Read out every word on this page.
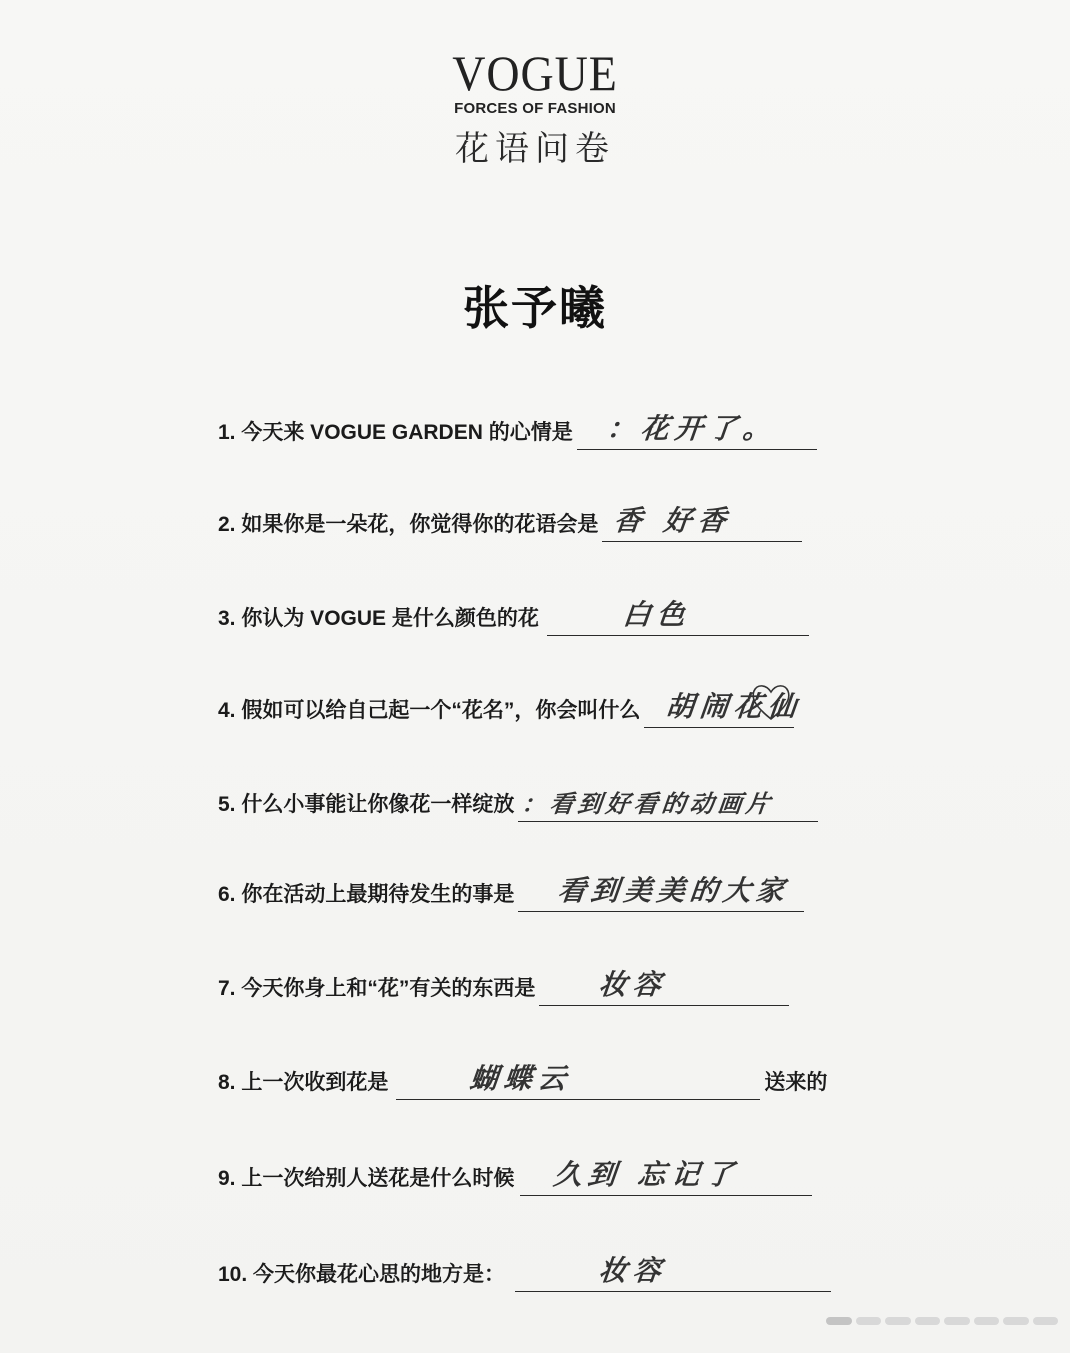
VOGUE
FORCES OF FASHION
花语问卷
张予曦
1. 今天来 VOGUE GARDEN 的心情是 ：花开了。
2. 如果你是一朵花，你觉得你的花语会是 香 好香
3. 你认为 VOGUE 是什么颜色的花	白色
4. 假如可以给自己起一个“花名”，你会叫什么 胡闹花仙
5. 什么小事能让你像花一样绽放 ：看到好看的动画片
6. 你在活动上最期待发生的事是 看到美美的大家
7. 今天你身上和“花”有关的东西是 妆容
8. 上一次收到花是	蝴蝶云	送来的
9. 上一次给别人送花是什么时候 久到 忘记了
10. 今天你最花心思的地方是：	妆容
